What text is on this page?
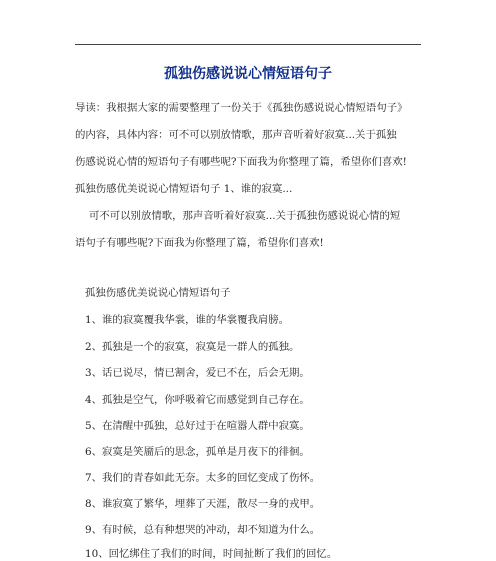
孤独伤感说说心情短语句子
导读：我根据大家的需要整理了一份关于《孤独伤感说说心情短语句子》
的内容，具体内容：可不可以别放情歌，那声音听着好寂寞...关于孤独
伤感说说心情的短语句子有哪些呢?下面我为你整理了篇，希望你们喜欢!
孤独伤感优美说说心情短语句子 1、谁的寂寞...
可不可以别放情歌，那声音听着好寂寞...关于孤独伤感说说心情的短
语句子有哪些呢?下面我为你整理了篇，希望你们喜欢!
孤独伤感优美说说心情短语句子
1、谁的寂寞覆我华裳，谁的华裳覆我肩膀。
2、孤独是一个的寂寞，寂寞是一群人的孤独。
3、话已说尽，情已割舍，爱已不在，后会无期。
4、孤独是空气，你呼吸着它而感觉到自己存在。
5、在清醒中孤独，总好过于在喧嚣人群中寂寞。
6、寂寞是笑靥后的思念，孤单是月夜下的徘徊。
7、我们的青春如此无奈。太多的回忆变成了伤怀。
8、谁寂寞了繁华，埋葬了天涯，散尽一身的戎甲。
9、有时候，总有种想哭的冲动，却不知道为什么。
10、回忆绑住了我们的时间，时间扯断了我们的回忆。
